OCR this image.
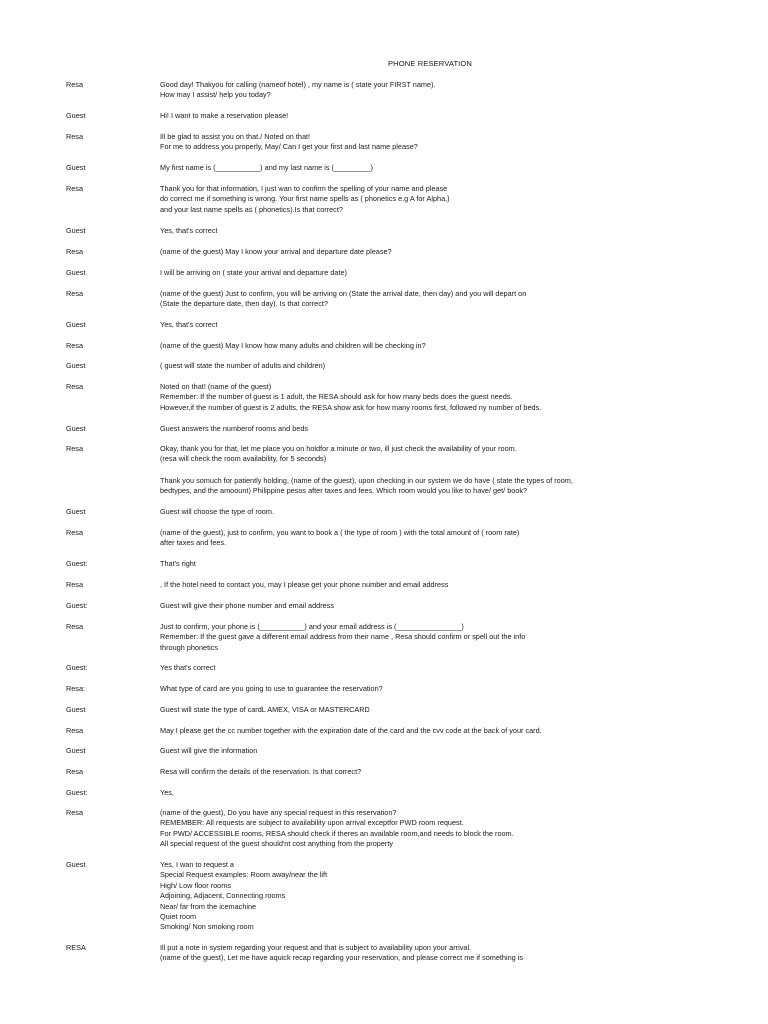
PHONE RESERVATION
Resa	Good day! Thakyou for calling (nameof hotel) , my name is ( state your FIRST name).
How may I assist/ help you today?
Guest	Hi! I want to make a reservation please!
Resa	Ill be glad to assist you on that./ Noted on that!
For me to address you properly, May/ Can I get your first and last name please?
Guest	My first name is (___________) and my last name is (_________)
Resa	Thank you for that information, I just wan to confirm the spelling of your name and please
do correct me if something is wrong. Your first name spells as ( phonetics e.g A for Alpha,)
and your last name spells as ( phonetics).Is that correct?
Guest	Yes, that's correct
Resa	(name of the guest) May I know your arrival and departure date please?
Guest	I will be arriving on ( state your arrival and departure date)
Resa	(name of the guest) Just to confirm, you will be arriving on (State the arrival date, then day) and you will depart on
(State the departure date, then day). Is that correct?
Guest	Yes, that's correct
Resa	(name of the guest) May I know how many adults and children will be checking in?
Guest	( guest will state the number of adults and children)
Resa	Noted on that! (name of the guest)
Remember: If the number of guest is 1 adult, the RESA should ask for how many beds does the guest needs.
However,if the number of guest is 2 adults, the RESA show ask for how many rooms first, followed ny number of beds.
Guest	Guest answers the numberof rooms and beds
Resa	Okay, thank you for that, let me place you on holdfor a minute or two, ill just check the availability of your room.
(resa will check the room availability, for 5 seconds)
Thank you somuch for patiently holding, (name of the guest), upon checking in our system we do have ( state the types of room,
bedtypes, and the amoount) Philippine pesos after taxes and fees. Which room would you like to have/ get/ book?
Guest	Guest will choose the type of room.
Resa	(name of the guest), just to confirm, you want to book a ( the type of room ) with the total amount of ( room rate)
after taxes and fees.
Guest:	That's right
Resa	, If the hotel need to contact you, may I please get your phone number and email address
Guest:	Guest will give their phone number and email address
Resa	Just to confirm, your phone is (___________) and your email address is (________________)
Remember: If the guest gave a different email address from their name , Resa should confirm or spell out the info
through phonetics
Guest:	Yes that's correct
Resa:	What type of card are you going to use to guarantee the reservation?
Guest	Guest will state the type of cardL AMEX, VISA or MASTERCARD
Resa	May I please get the cc number together with the expiration date of the card and the cvv code at the back of your card.
Guest	Guest will give the information
Resa	Resa will confirm the details of the reservation. Is that correct?
Guest:	Yes,
Resa	(name of the guest), Do you have any special request in this reservation?
REMEMBER: All requests are subject to availability upon arrival exceptfor PWD room request.
For PWD/ ACCESSIBLE rooms, RESA should check if theres an available room,and needs to block the room.
All special request of the guest should'nt cost anything from the property
Guest	Yes, I wan to request a
Special Request examples: Room away/near the lift
High/ Low floor rooms
Adjoining, Adjacent, Connecting rooms
Near/ far from the icemachine
Quiet room
Smoking/ Non smoking room
RESA	Ill put a note in system regarding your request and that is subject to availability upon your arrival.
(name of the guest), Let me have aquick recap regarding your reservation, and please correct me if something is
